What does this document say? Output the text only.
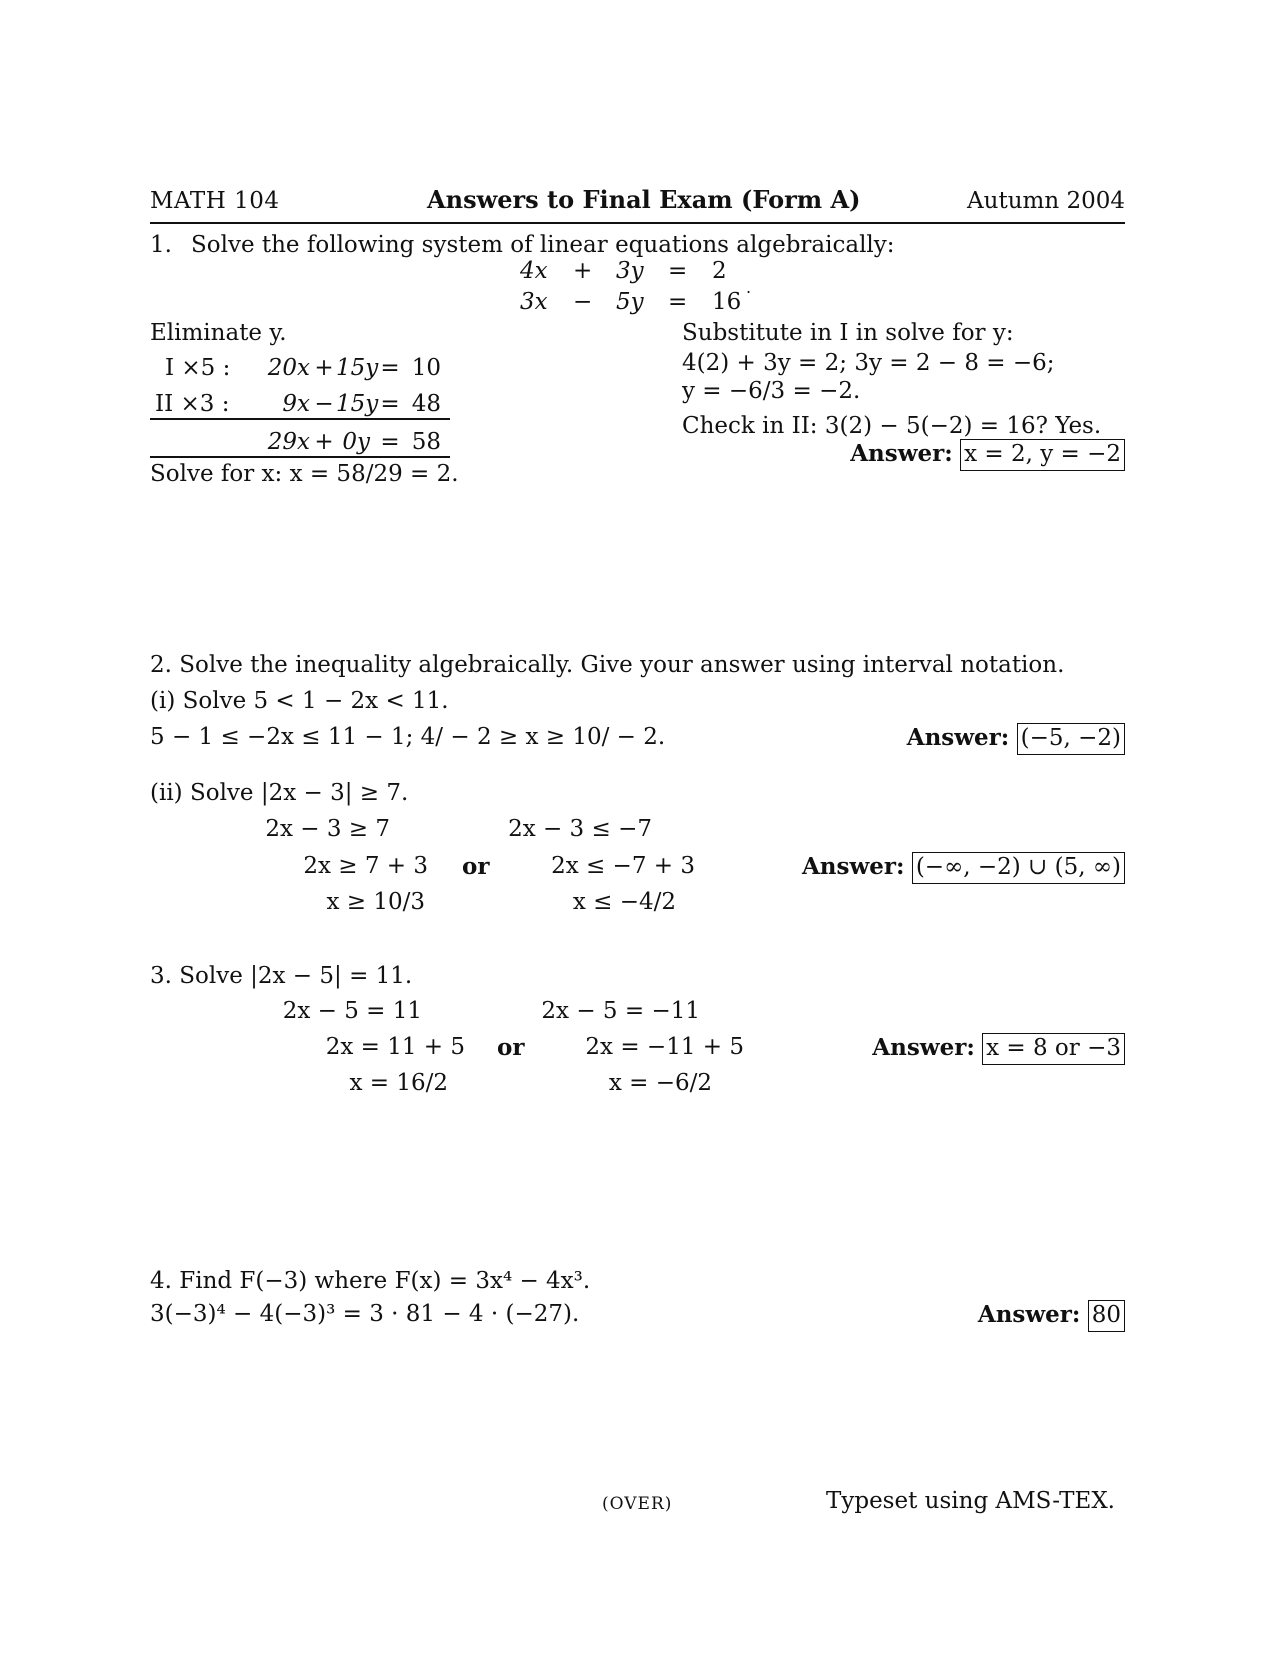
MATH 104	Answers to Final Exam (Form A)	Autumn 2004
1. Solve the following system of linear equations algebraically:
4x + 3y = 2
3x − 5y = 16
.
Eliminate y.
I ×5 :	20x + 15y = 10
II ×3 :	9x − 15y = 48
29x + 0y = 58
Solve for x: x = 58/29 = 2.
Substitute in I in solve for y:
4(2) + 3y = 2; 3y = 2 − 8 = −6;
y = −6/3 = −2.
Check in II: 3(2) − 5(−2) = 16? Yes.
Answer: x = 2, y = −2
2. Solve the inequality algebraically. Give your answer using interval notation.
(i) Solve 5 < 1 − 2x < 11.
5 − 1 ≤ −2x ≤ 11 − 1; 4/ − 2 ≥ x ≥ 10/ − 2.	Answer: (−5, −2)
(ii) Solve |2x − 3| ≥ 7.
2x − 3 ≥ 7
2x ≥ 7 + 3
x ≥ 10/3
or
2x − 3 ≤ −7
2x ≤ −7 + 3
x ≤ −4/2
Answer: (−∞, −2) ∪ (5, ∞)
3. Solve |2x − 5| = 11.
2x − 5 = 11
2x = 11 + 5
x = 16/2
or
2x − 5 = −11
2x = −11 + 5
x = −6/2
Answer: x = 8 or −3
4. Find F(−3) where F(x) = 3x⁴ − 4x³.
3(−3)⁴ − 4(−3)³ = 3 · 81 − 4 · (−27).	Answer: 80
(OVER)	Typeset using AMS-TEX.
